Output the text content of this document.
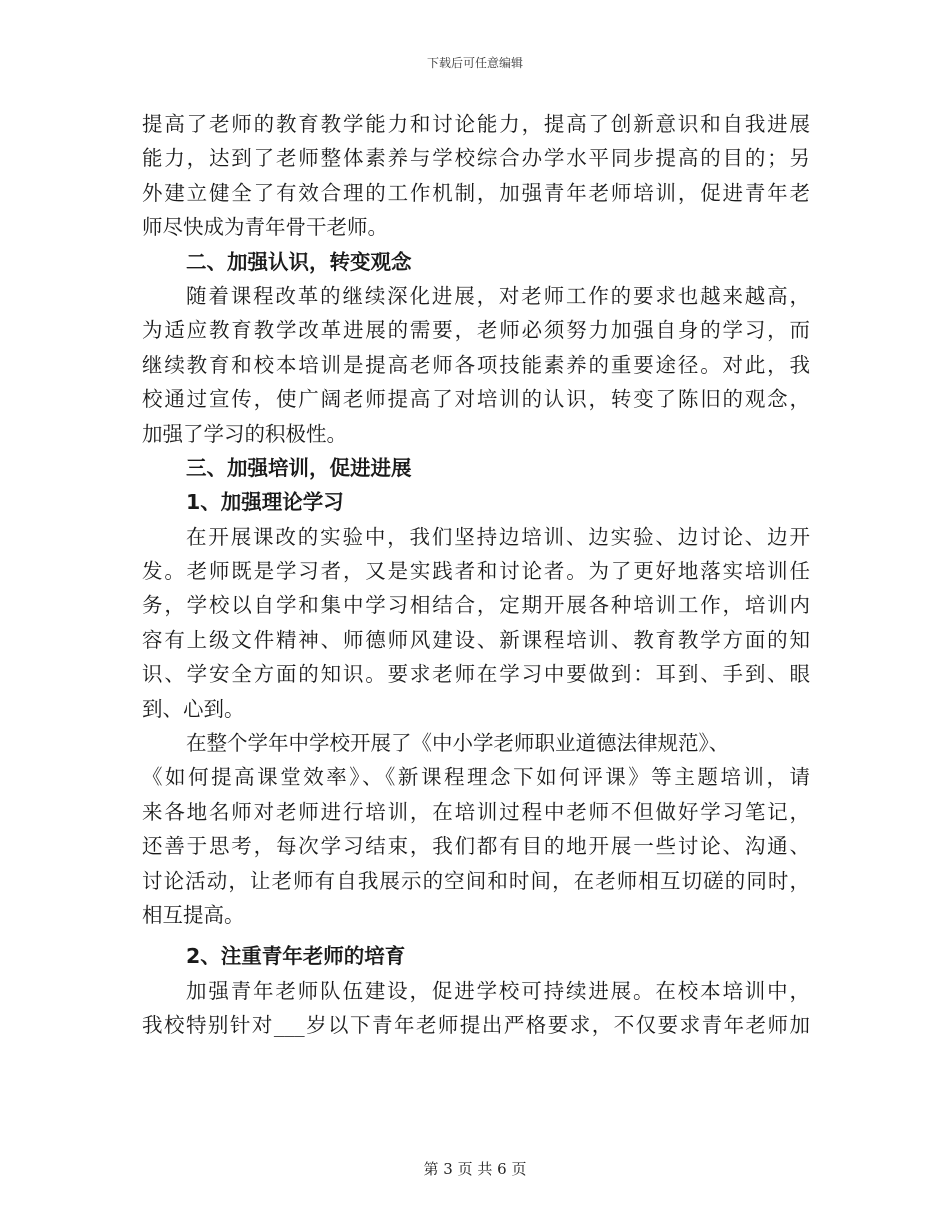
下载后可任意编辑
提高了老师的教育教学能力和讨论能力，提高了创新意识和自我进展
能力，达到了老师整体素养与学校综合办学水平同步提高的目的；另
外建立健全了有效合理的工作机制，加强青年老师培训，促进青年老
师尽快成为青年骨干老师。
二、加强认识，转变观念
随着课程改革的继续深化进展，对老师工作的要求也越来越高，
为适应教育教学改革进展的需要，老师必须努力加强自身的学习，而
继续教育和校本培训是提高老师各项技能素养的重要途径。对此，我
校通过宣传，使广阔老师提高了对培训的认识，转变了陈旧的观念，
加强了学习的积极性。
三、加强培训，促进进展
1、加强理论学习
在开展课改的实验中，我们坚持边培训、边实验、边讨论、边开
发。老师既是学习者，又是实践者和讨论者。为了更好地落实培训任
务，学校以自学和集中学习相结合，定期开展各种培训工作，培训内
容有上级文件精神、师德师风建设、新课程培训、教育教学方面的知
识、学安全方面的知识。要求老师在学习中要做到：耳到、手到、眼
到、心到。
在整个学年中学校开展了《中小学老师职业道德法律规范》、
《如何提高课堂效率》、《新课程理念下如何评课》等主题培训，请
来各地名师对老师进行培训，在培训过程中老师不但做好学习笔记，
还善于思考，每次学习结束，我们都有目的地开展一些讨论、沟通、
讨论活动，让老师有自我展示的空间和时间，在老师相互切磋的同时，
相互提高。
2、注重青年老师的培育
加强青年老师队伍建设，促进学校可持续进展。在校本培训中，
我校特别针对___岁以下青年老师提出严格要求，不仅要求青年老师加
第 3 页 共 6 页
